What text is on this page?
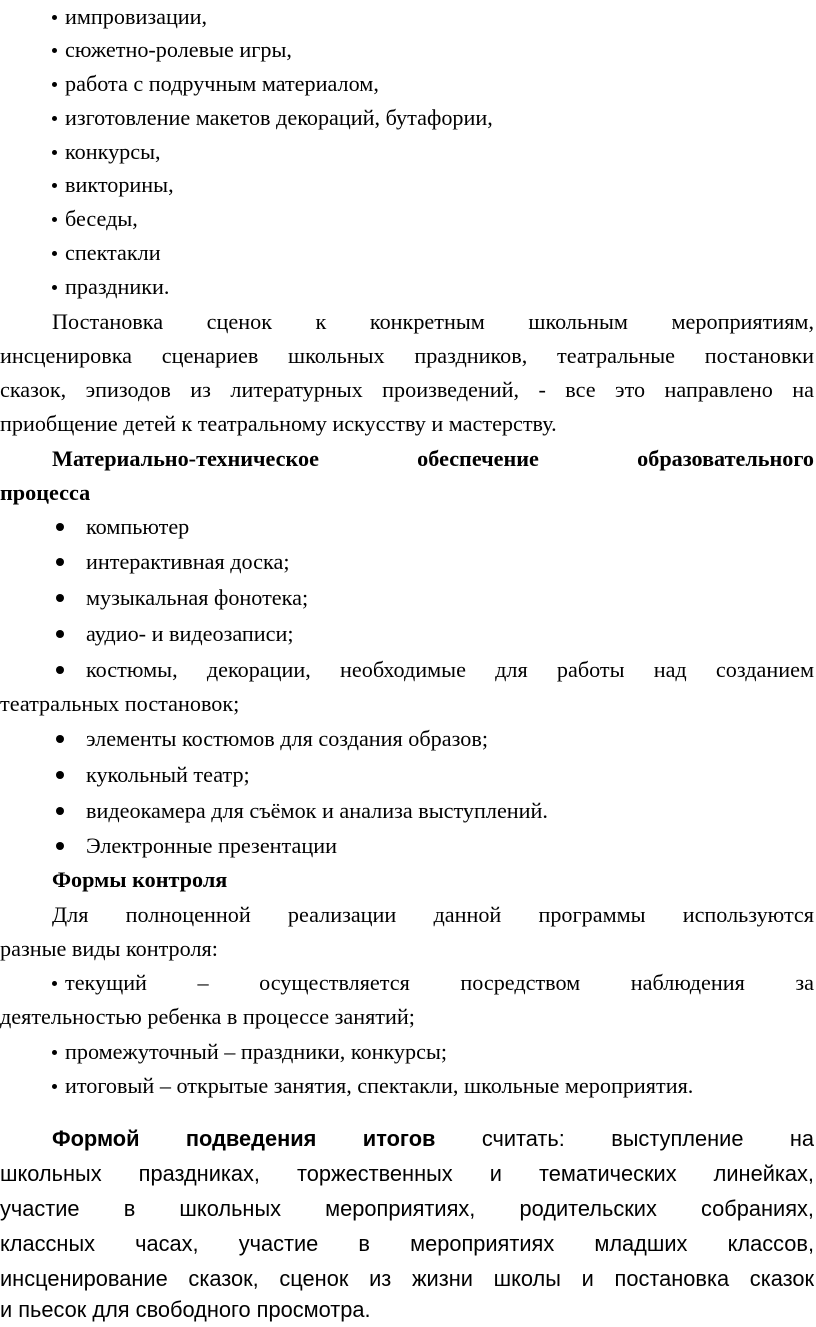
импровизации,
сюжетно-ролевые игры,
работа с подручным материалом,
изготовление макетов декораций, бутафории,
конкурсы,
викторины,
беседы,
спектакли
праздники.
Постановка сценок к конкретным школьным мероприятиям,
инсценировка сценариев школьных праздников, театральные постановки
сказок, эпизодов из литературных произведений, - все это направлено на
приобщение детей к театральному искусству и мастерству.
Материально-техническое обеспечение образовательного
процесса
компьютер
интерактивная доска;
музыкальная фонотека;
аудио- и видеозаписи;
костюмы, декорации, необходимые для работы над созданием
театральных постановок;
элементы костюмов для создания образов;
кукольный театр;
видеокамера для съёмок и анализа выступлений.
Электронные презентации
Формы контроля
Для полноценной реализации данной программы используются
разные виды контроля:
текущий – осуществляется посредством наблюдения за
деятельностью ребенка в процессе занятий;
промежуточный – праздники, конкурсы;
итоговый – открытые занятия, спектакли, школьные мероприятия.
Формой подведения итогов считать: выступление на
школьных праздниках, торжественных и тематических линейках,
участие в школьных мероприятиях, родительских собраниях,
классных часах, участие в мероприятиях младших классов,
инсценирование сказок, сценок из жизни школы и постановка сказок
и пьесок для свободного просмотра.
